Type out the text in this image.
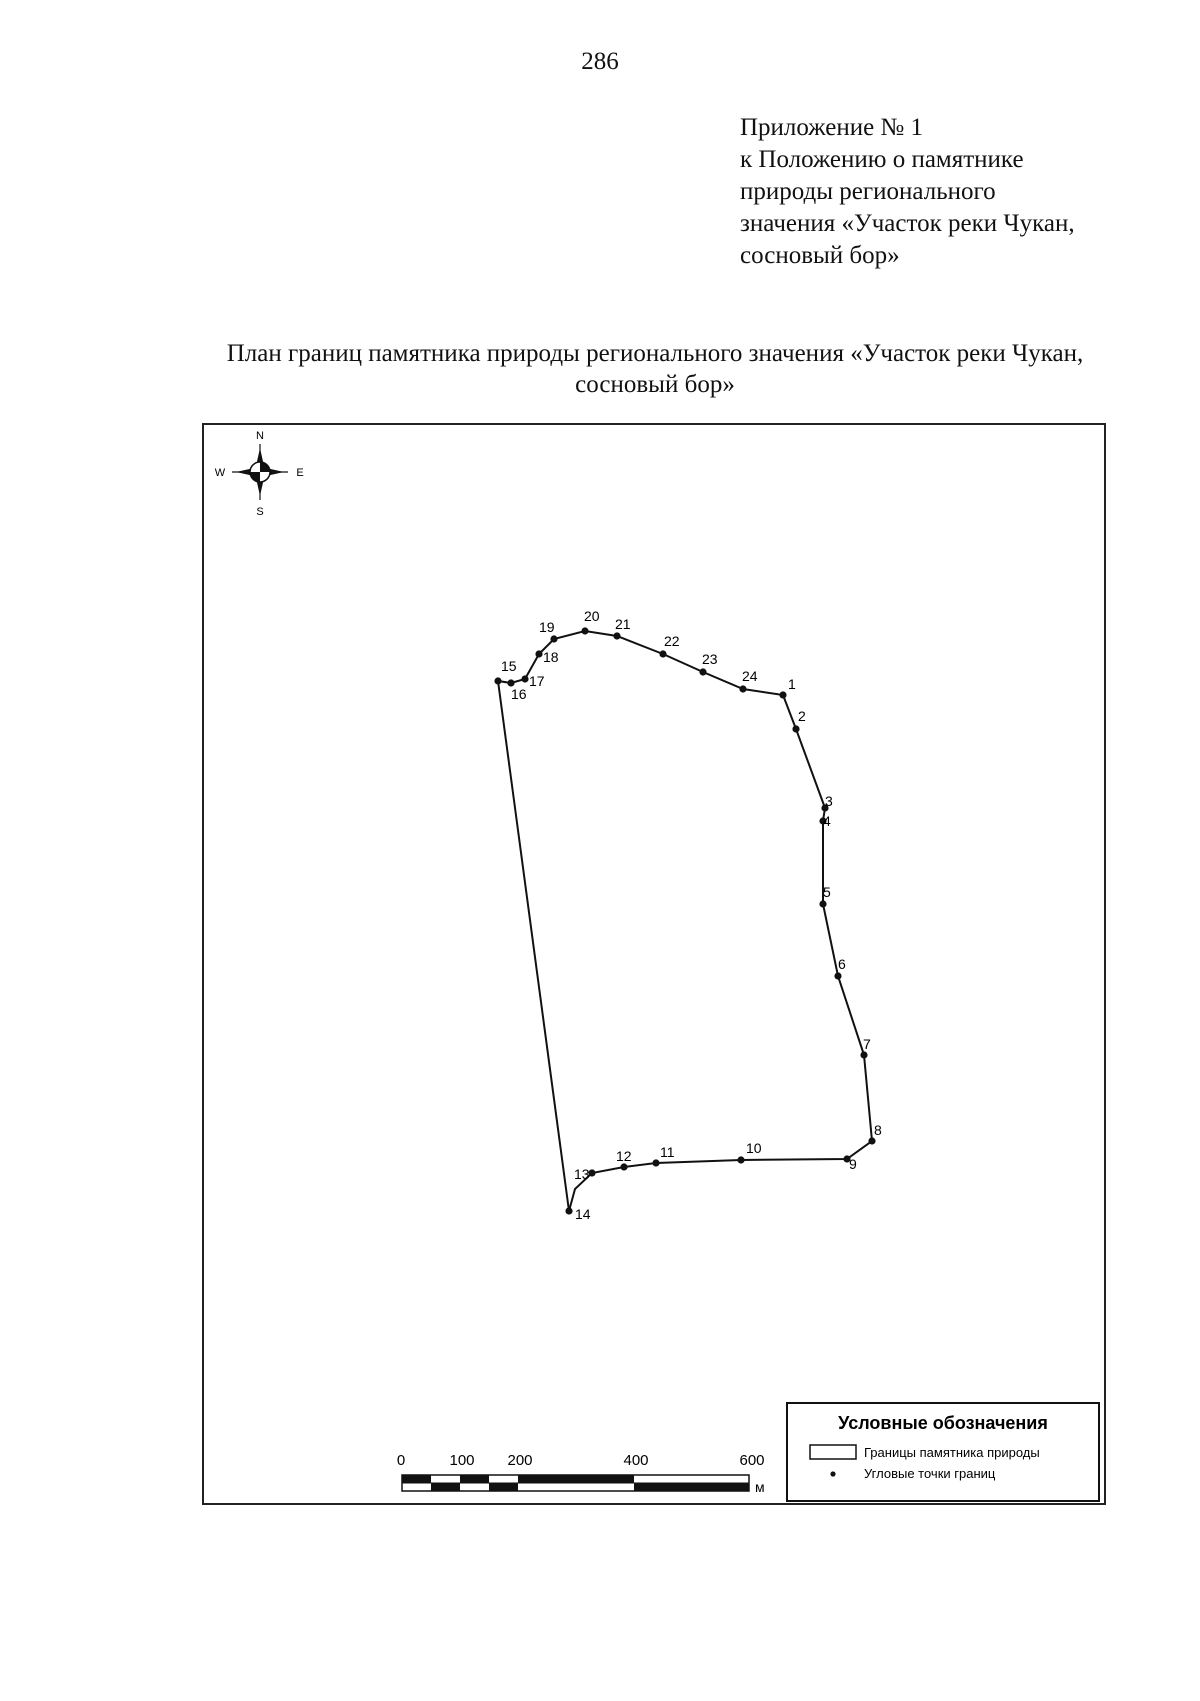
286
Приложение № 1
к Положению о памятнике
природы регионального
значения «Участок реки Чукан,
сосновый бор»
План границ памятника природы регионального значения «Участок реки Чукан,
сосновый бор»
N
S
W	E
1
2
3
4
5
6
7
8
9
10
11
12
13
14
15
16
17
18
19
20 21
22
23
24
0	100 200	400	600
м
Условные обозначения
Границы памятника природы
Угловые точки границ
